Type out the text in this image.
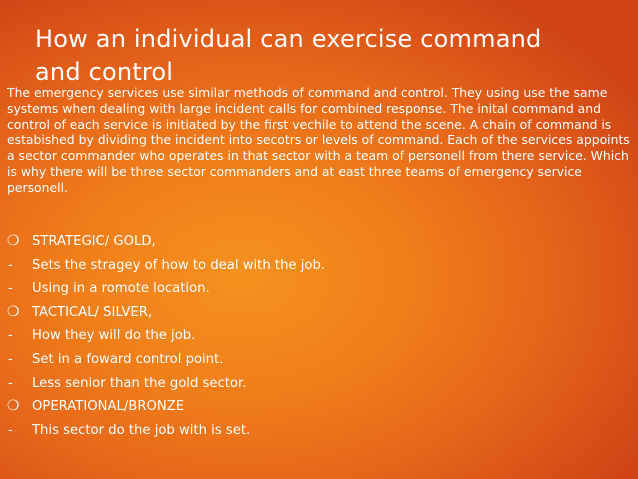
How an individual can exercise command
and control

The emergency services use similar methods of command and control. They using use the same systems when dealing with large incident calls for combined response. The inital command and control of each service is initiated by the first vechile to attend the scene. A chain of command is estabished by dividing the incident into secotrs or levels of command. Each of the services appoints a sector commander who operates in that sector with a team of personell from there service. Which is why there will be three sector commanders and at east three teams of emergency service personell.

❍ STRATEGIC/ GOLD,
-	Sets the stragey of how to deal with the job.
-	Using in a romote location.
❍ TACTICAL/ SILVER,
-	How they will do the job.
-	Set in a foward control point.
-	Less senior than the gold sector.
❍ OPERATIONAL/BRONZE
-	This sector do the job with is set.
